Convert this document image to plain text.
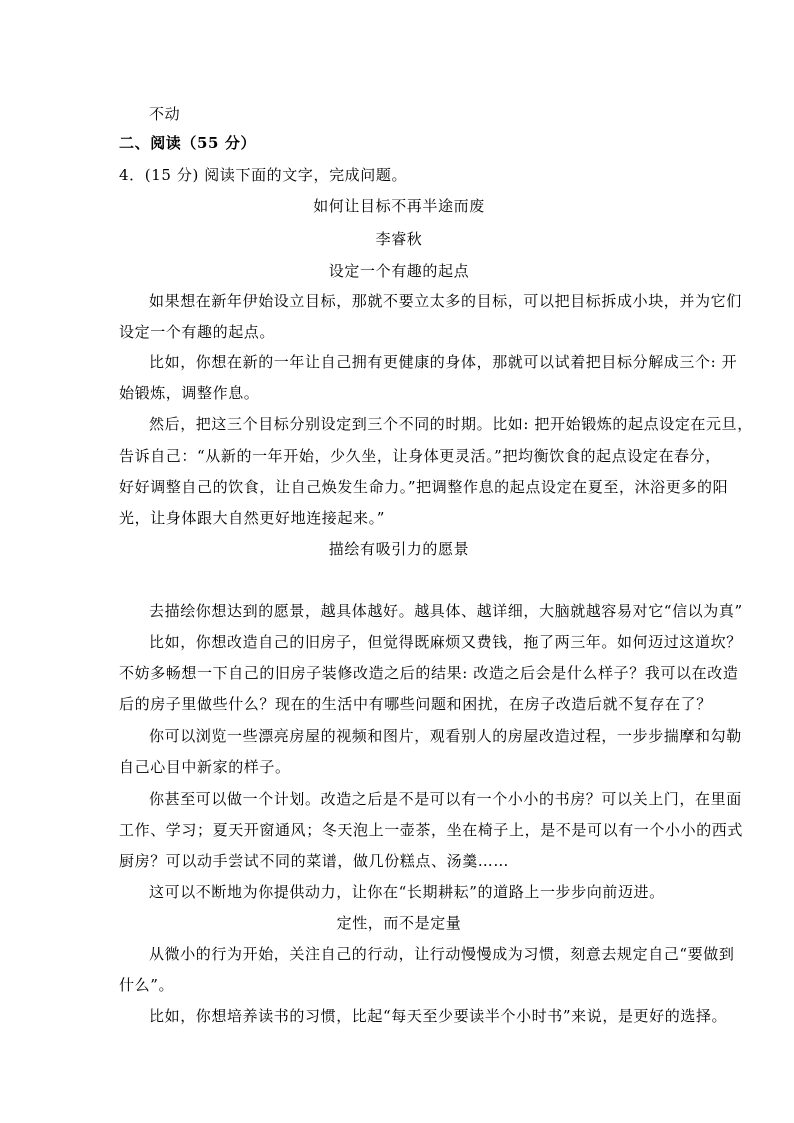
不动
二、阅读（55 分）
4．(15 分) 阅读下面的文字，完成问题。
如何让目标不再半途而废
李睿秋
设定一个有趣的起点
如果想在新年伊始设立目标，那就不要立太多的目标，可以把目标拆成小块，并为它们
设定一个有趣的起点。
比如，你想在新的一年让自己拥有更健康的身体，那就可以试着把目标分解成三个: 开
始锻炼，调整作息。
然后，把这三个目标分别设定到三个不同的时期。比如: 把开始锻炼的起点设定在元旦，
告诉自己：“从新的一年开始，少久坐，让身体更灵活。”把均衡饮食的起点设定在春分，
好好调整自己的饮食，让自己焕发生命力。”把调整作息的起点设定在夏至，沐浴更多的阳
光，让身体跟大自然更好地连接起来。”
描绘有吸引力的愿景
去描绘你想达到的愿景，越具体越好。越具体、越详细，大脑就越容易对它“信以为真”
比如，你想改造自己的旧房子，但觉得既麻烦又费钱，拖了两三年。如何迈过这道坎？
不妨多畅想一下自己的旧房子装修改造之后的结果: 改造之后会是什么样子？我可以在改造
后的房子里做些什么？现在的生活中有哪些问题和困扰，在房子改造后就不复存在了？
你可以浏览一些漂亮房屋的视频和图片，观看别人的房屋改造过程，一步步揣摩和勾勒
自己心目中新家的样子。
你甚至可以做一个计划。改造之后是不是可以有一个小小的书房？可以关上门，在里面
工作、学习；夏天开窗通风；冬天泡上一壶茶，坐在椅子上，是不是可以有一个小小的西式
厨房？可以动手尝试不同的菜谱，做几份糕点、汤羹……
这可以不断地为你提供动力，让你在“长期耕耘”的道路上一步步向前迈进。
定性，而不是定量
从微小的行为开始，关注自己的行动，让行动慢慢成为习惯，刻意去规定自己“要做到
什么”。
比如，你想培养读书的习惯，比起“每天至少要读半个小时书”来说，是更好的选择。
